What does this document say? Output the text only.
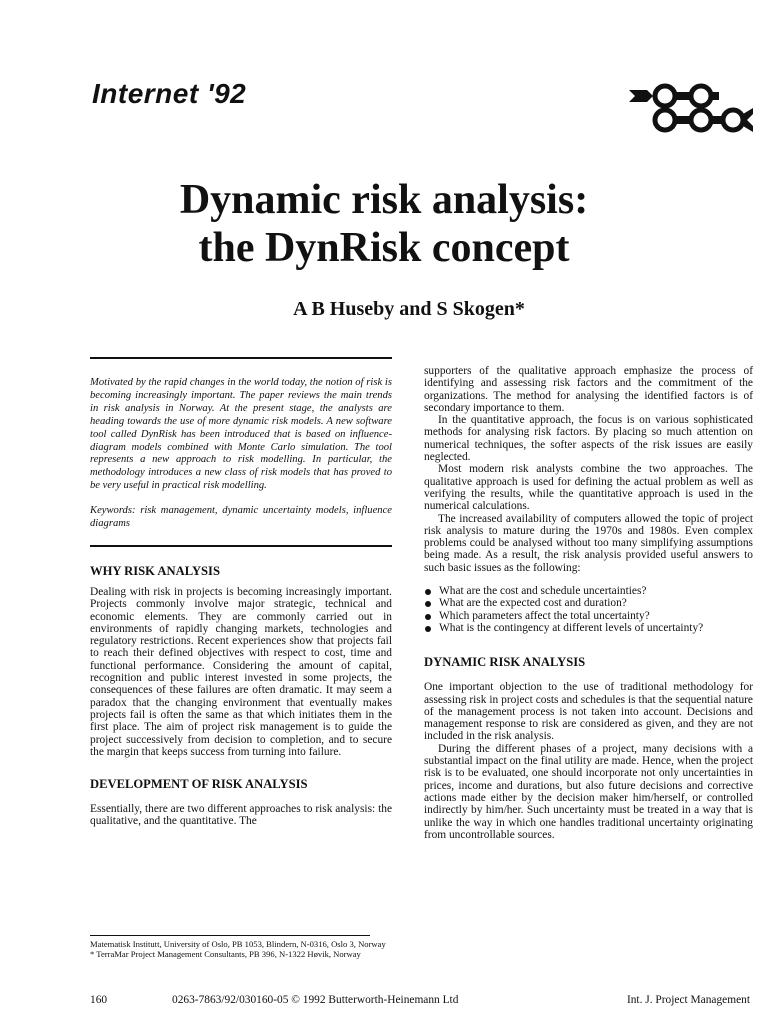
Internet '92
Dynamic risk analysis:
the DynRisk concept

A B Huseby and S Skogen*

Motivated by the rapid changes in the world today, the notion of risk is becoming increasingly important. The paper reviews the main trends in risk analysis in Norway. At the present stage, the analysts are heading towards the use of more dynamic risk models. A new software tool called DynRisk has been introduced that is based on influence-diagram models combined with Monte Carlo simulation. The tool represents a new approach to risk modelling. In particular, the methodology introduces a new class of risk models that has proved to be very useful in practical risk modelling.

Keywords: risk management, dynamic uncertainty models, influence diagrams

WHY RISK ANALYSIS

Dealing with risk in projects is becoming increasingly important. Projects commonly involve major strategic, technical and economic elements. They are commonly carried out in environments of rapidly changing markets, technologies and regulatory restrictions. Recent experiences show that projects fail to reach their defined objectives with respect to cost, time and functional performance. Considering the amount of capital, recognition and public interest invested in some projects, the consequences of these failures are often dramatic. It may seem a paradox that the changing environment that eventually makes projects fail is often the same as that which initiates them in the first place. The aim of project risk management is to guide the project successively from decision to completion, and to secure the margin that keeps success from turning into failure.

DEVELOPMENT OF RISK ANALYSIS

Essentially, there are two different approaches to risk analysis: the qualitative, and the quantitative. The

supporters of the qualitative approach emphasize the process of identifying and assessing risk factors and the commitment of the organizations. The method for analysing the identified factors is of secondary importance to them.

In the quantitative approach, the focus is on various sophisticated methods for analysing risk factors. By placing so much attention on numerical techniques, the softer aspects of the risk issues are easily neglected.

Most modern risk analysts combine the two approaches. The qualitative approach is used for defining the actual problem as well as verifying the results, while the quantitative approach is used in the numerical calculations.

The increased availability of computers allowed the topic of project risk analysis to mature during the 1970s and 1980s. Even complex problems could be analysed without too many simplifying assumptions being made. As a result, the risk analysis provided useful answers to such basic issues as the following:

What are the cost and schedule uncertainties?
What are the expected cost and duration?
Which parameters affect the total uncertainty?
What is the contingency at different levels of uncertainty?
DYNAMIC RISK ANALYSIS

One important objection to the use of traditional methodology for assessing risk in project costs and schedules is that the sequential nature of the management process is not taken into account. Decisions and management response to risk are considered as given, and they are not included in the risk analysis.

During the different phases of a project, many decisions with a substantial impact on the final utility are made. Hence, when the project risk is to be evaluated, one should incorporate not only uncertainties in prices, income and durations, but also future decisions and corrective actions made either by the decision maker him/herself, or controlled indirectly by him/her. Such uncertainty must be treated in a way that is unlike the way in which one handles traditional uncertainty originating from uncontrollable sources.

Matematisk Institutt, University of Oslo, PB 1053, Blindern, N-0316, Oslo 3, Norway

* TerraMar Project Management Consultants, PB 396, N-1322 Høvik, Norway

160	0263-7863/92/030160-05 © 1992 Butterworth-Heinemann Ltd	Int. J. Project Management
